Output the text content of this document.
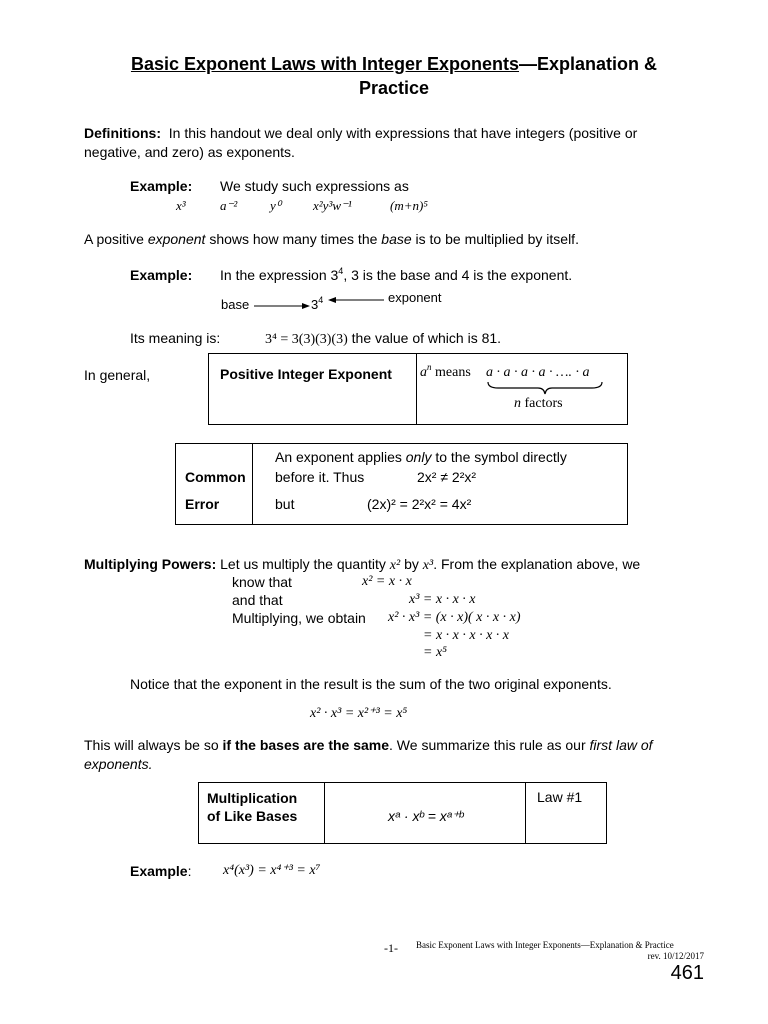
Basic Exponent Laws with Integer Exponents—Explanation &
Practice
Definitions: In this handout we deal only with expressions that have integers (positive or
negative, and zero) as exponents.
Example: We study such expressions as
x³	a⁻²	y⁰ x²y³w⁻¹	(m+n)⁵
A positive exponent shows how many times the base is to be multiplied by itself.
Example: In the expression $3^4$, 3 is the base and 4 is the exponent.
base	$3^4$	exponent
Its meaning is:	3⁴ = 3(3)(3)(3) the value of which is 81.
In general,	Positive Integer Exponent $a^n$ means a · a · a · a · …. · a
n factors
Common
Error
An exponent applies only to the symbol directly
before it. Thus	2x² ≠ 2²x²
but	(2x)² = 2²x² = 4x²
Multiplying Powers: Let us multiply the quantity x² by x³. From the explanation above, we
know that	x² = x · x
and that	x³ = x · x · x
Multiplying, we obtain x² · x³ = (x · x)( x · x · x)
= x · x · x · x · x
= x⁵
Notice that the exponent in the result is the sum of the two original exponents.
x² · x³ = x²⁺³ = x⁵
This will always be so if the bases are the same. We summarize this rule as our first law of
exponents.
Multiplication
of Like Bases	xᵃ · xᵇ = xᵃ⁺ᵇ
Law #1
Example: x⁴(x³) = x⁴⁺³ = x⁷
-1- Basic Exponent Laws with Integer Exponents—Explanation & Practice
rev. 10/12/2017
461
